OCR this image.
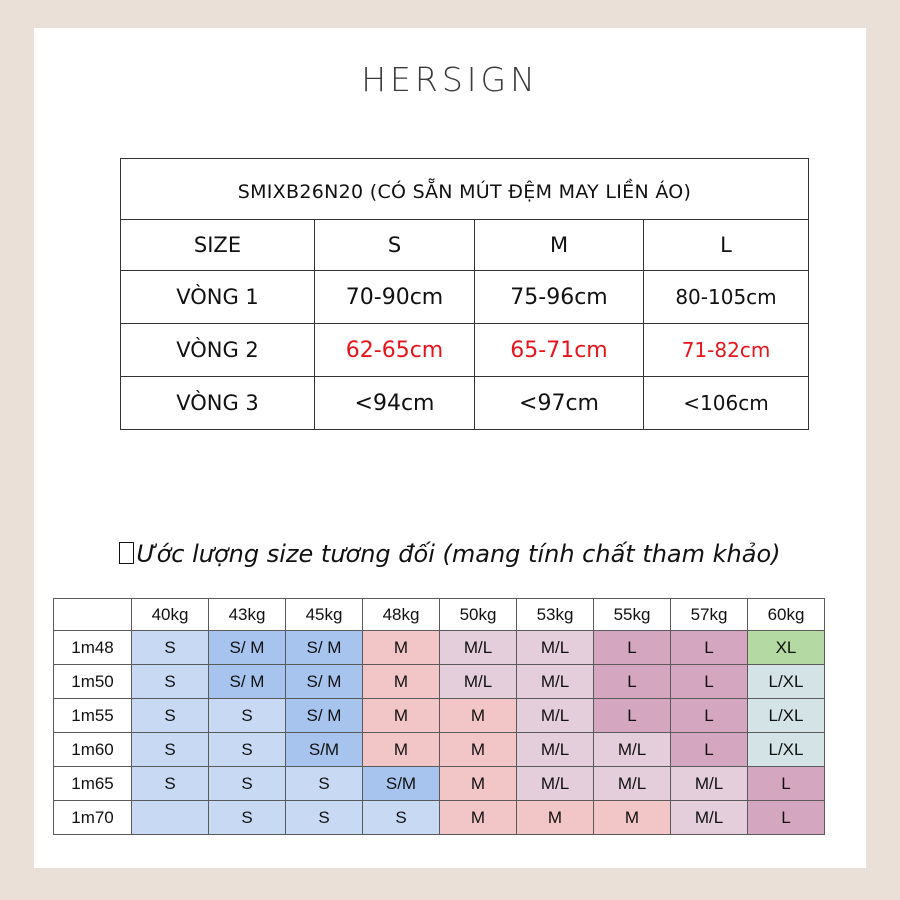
HERSIGN
SMIXB26N20 (CÓ SẴN MÚT ĐỆM MAY LIỀN ÁO)			
SIZE	S	M	L
VÒNG 1	70-90cm	75-96cm	80-105cm
VÒNG 2	62-65cm	65-71cm	71-82cm
VÒNG 3	<94cm	<97cm	<106cm
Ước lượng size tương đối (mang tính chất tham khảo)
	40kg	43kg	45kg	48kg	50kg	53kg	55kg	57kg	60kg
1m48	S	S/ M	S/ M	M	M/L	M/L	L	L	XL
1m50	S	S/ M	S/ M	M	M/L	M/L	L	L	L/XL
1m55	S	S	S/ M	M	M	M/L	L	L	L/XL
1m60	S	S	S/M	M	M	M/L	M/L	L	L/XL
1m65	S	S	S	S/M	M	M/L	M/L	M/L	L
1m70		S	S	S	M	M	M	M/L	L
